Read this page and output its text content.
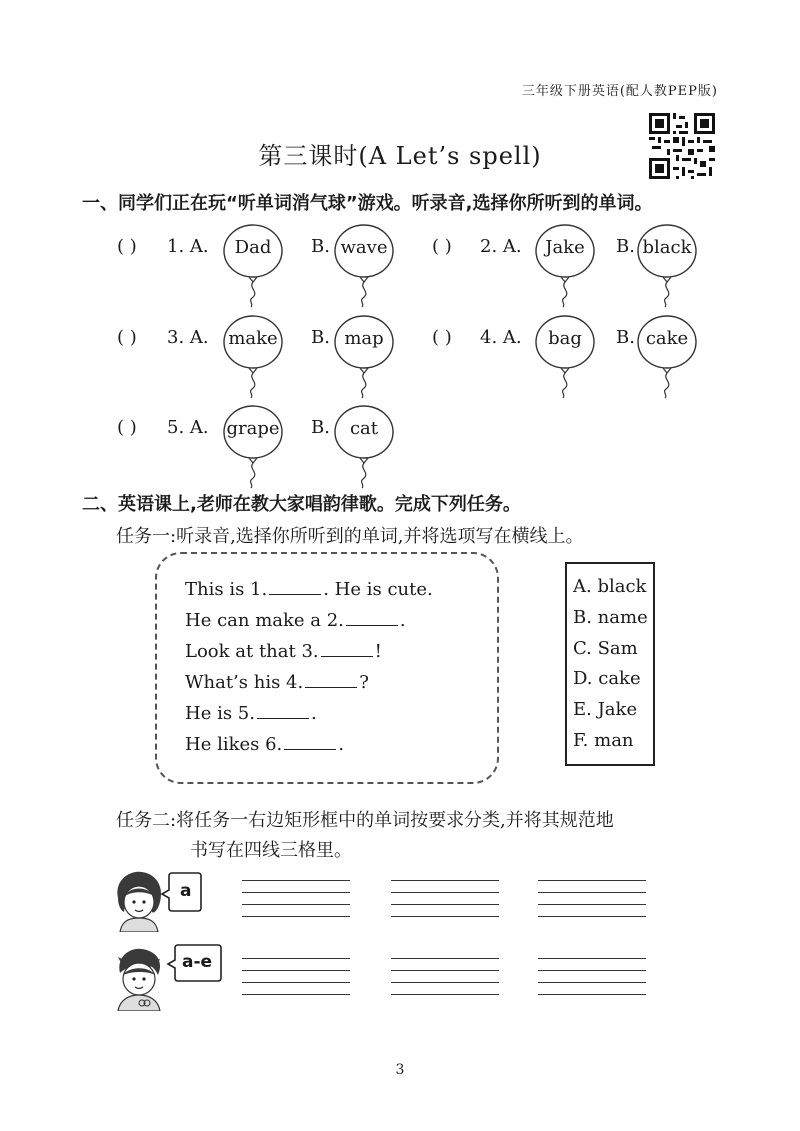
三年级下册英语(配人教PEP版)
第三课时(A Let’s spell)
一、同学们正在玩“听单词消气球”游戏。听录音,选择你所听到的单词。
( ) 1. A.	Dad	B. wave	( ) 2. A.	Jake	B. black
( ) 3. A.	make	B. map	( ) 4. A.	bag	B. cake
( ) 5. A. grape B.	cat
二、英语课上,老师在教大家唱韵律歌。完成下列任务。
任务一:听录音,选择你所听到的单词,并将选项写在横线上。
This is 1.	. He is cute.
He can make a 2.	.
Look at that 3.	!
What’s his 4.	?
He is 5.	.
He likes 6.	.
A. black
B. name
C. Sam
D. cake
E. Jake
F. man
任务二:将任务一右边矩形框中的单词按要求分类,并将其规范地
书写在四线三格里。
a
a-e
3
